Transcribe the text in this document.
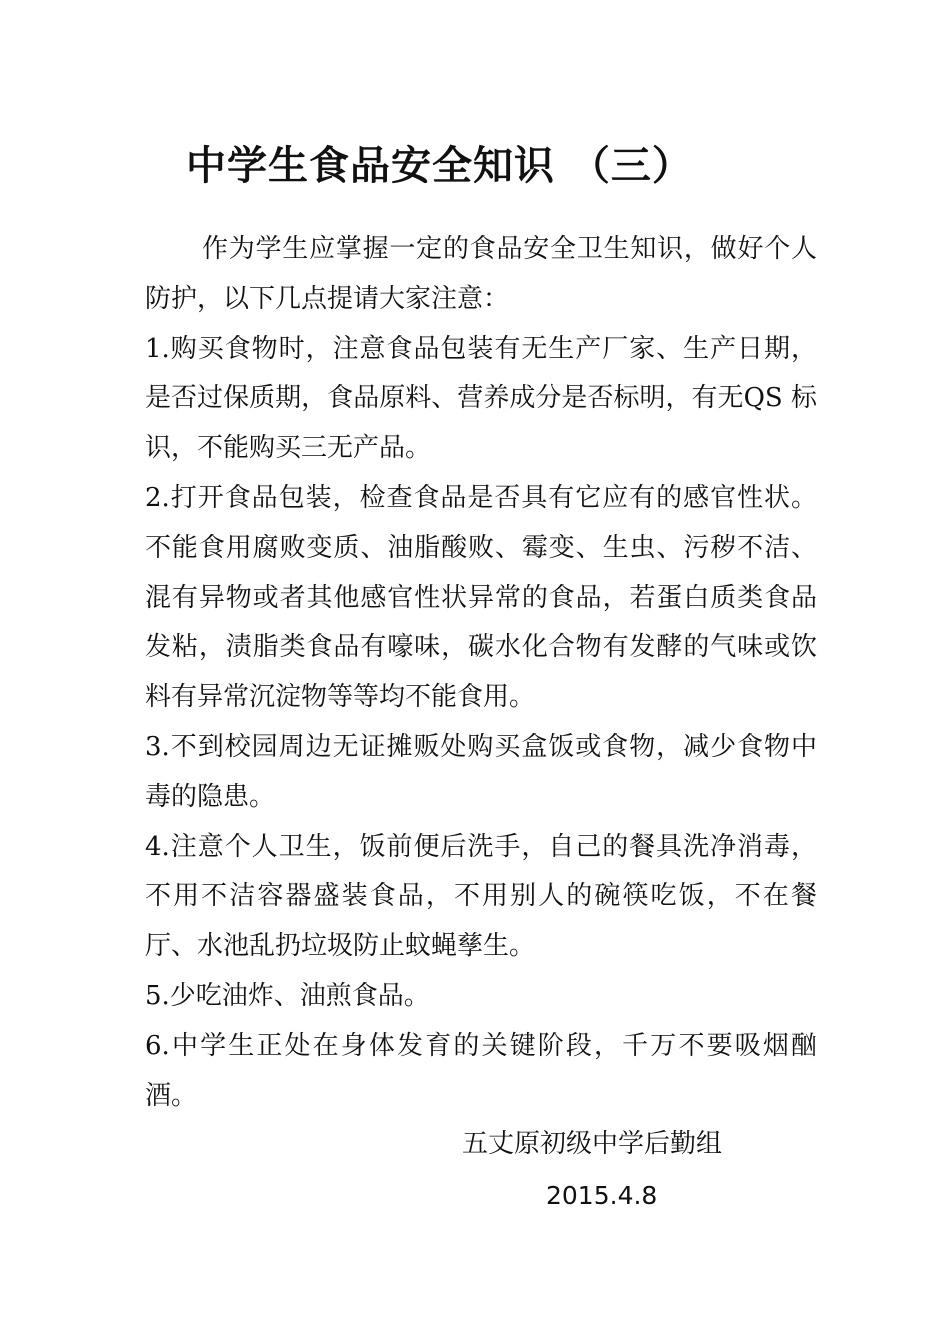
中学生食品安全知识 （三）

作为学生应掌握一定的食品安全卫生知识，做好个人防护，以下几点提请大家注意：

1.购买食物时，注意食品包装有无生产厂家、生产日期，是否过保质期，食品原料、营养成分是否标明，有无QS 标识，不能购买三无产品。

2.打开食品包装，检查食品是否具有它应有的感官性状。不能食用腐败变质、油脂酸败、霉变、生虫、污秽不洁、混有异物或者其他感官性状异常的食品，若蛋白质类食品发粘，渍脂类食品有嚎味，碳水化合物有发酵的气味或饮料有异常沉淀物等等均不能食用。

3.不到校园周边无证摊贩处购买盒饭或食物，减少食物中毒的隐患。

4.注意个人卫生，饭前便后洗手，自己的餐具洗净消毒，不用不洁容器盛装食品，不用别人的碗筷吃饭，不在餐厅、水池乱扔垃圾防止蚊蝇孳生。

5.少吃油炸、油煎食品。

6.中学生正处在身体发育的关键阶段，千万不要吸烟酗酒。

五丈原初级中学后勤组
2015.4.8
